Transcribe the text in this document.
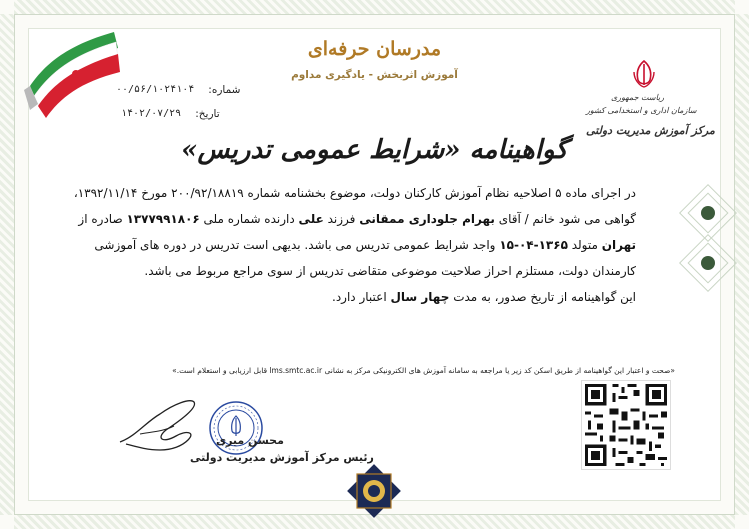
مدرسان حرفه‌ای
آموزش اثربخش - یادگیری مداوم
۰۰/۵۶/۱۰۲۴۱۰۴ شماره:
۱۴۰۲/۰۷/۲۹ تاریخ:
ریاست جمهوری
سازمان اداری و استخدامی کشور
مرکز آموزش مدیریت دولتی
گواهینامه «شرایط عمومی تدریس»
در اجرای ماده ۵ اصلاحیه نظام آموزش کارکنان دولت، موضوع بخشنامه شماره ۲۰۰/۹۲/۱۸۸۱۹ مورخ ۱۳۹۲/۱۱/۱۴،
گواهی می شود خانم / آقای بهرام جلوداری ممقانی فرزند علی دارنده شماره ملی ۱۳۷۷۹۹۱۸۰۶ صادره از
تهران متولد ۱۳۶۵-۰۴-۱۵ واجد شرایط عمومی تدریس می باشد. بدیهی است تدریس در دوره های آموزشی
کارمندان دولت، مستلزم احراز صلاحیت موضوعی متقاضی تدریس از سوی مراجع مربوط می باشد.
این گواهینامه از تاریخ صدور، به مدت چهار سال اعتبار دارد.
«صحت و اعتبار این گواهینامه از طریق اسکن کد زیر یا مراجعه به سامانه آموزش های الکترونیکی مرکز به نشانی lms.smtc.ac.ir قابل ارزیابی و استعلام است.»
محسن میری
رئیس مرکز آموزش مدیریت دولتی
